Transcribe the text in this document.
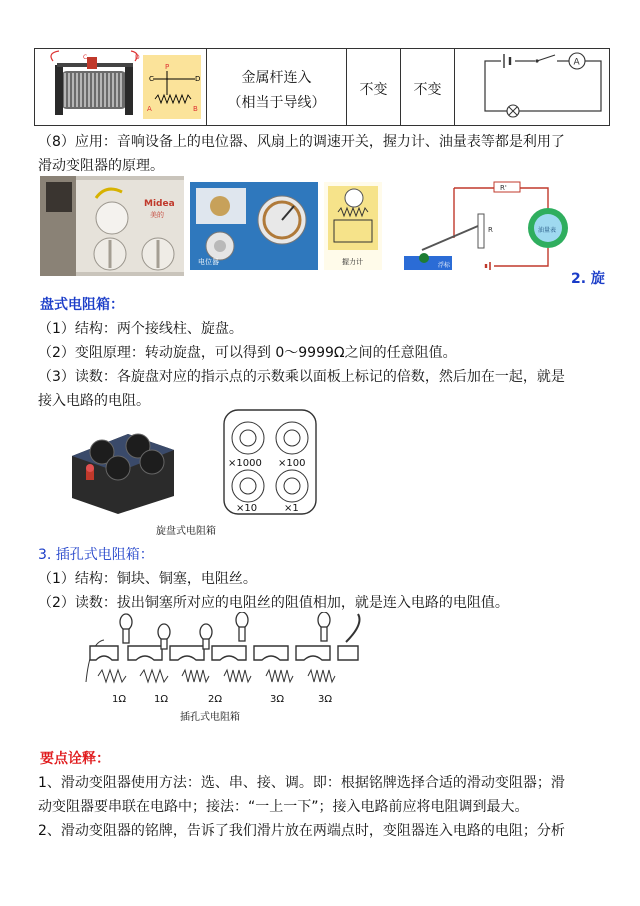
C	D
C
P
D
A	B
金属杆连入
（相当于导线）
不变	不变
A
（8）应用：音响设备上的电位器、风扇上的调速开关，握力计、油量表等都是利用了
滑动变阻器的原理。
Midea
美的
电位器	握力计
R'
油量表
R
浮标
2. 旋
盘式电阻箱：
（1）结构：两个接线柱、旋盘。
（2）变阻原理：转动旋盘，可以得到 0～9999Ω之间的任意阻值。
（3）读数：各旋盘对应的指示点的示数乘以面板上标记的倍数，然后加在一起，就是
接入电路的电阻。
×1000 ×100
×10	×1
旋盘式电阻箱
3. 插孔式电阻箱：
（1）结构：铜块、铜塞，电阻丝。
（2）读数：拔出铜塞所对应的电阻丝的阻值相加，就是连入电路的电阻值。
1Ω	1Ω	2Ω	3Ω	3Ω
插孔式电阻箱
要点诠释：
1、滑动变阻器使用方法：选、串、接、调。即：根据铭牌选择合适的滑动变阻器；滑
动变阻器要串联在电路中；接法：“一上一下”；接入电路前应将电阻调到最大。
2、滑动变阻器的铭牌，告诉了我们滑片放在两端点时，变阻器连入电路的电阻；分析
